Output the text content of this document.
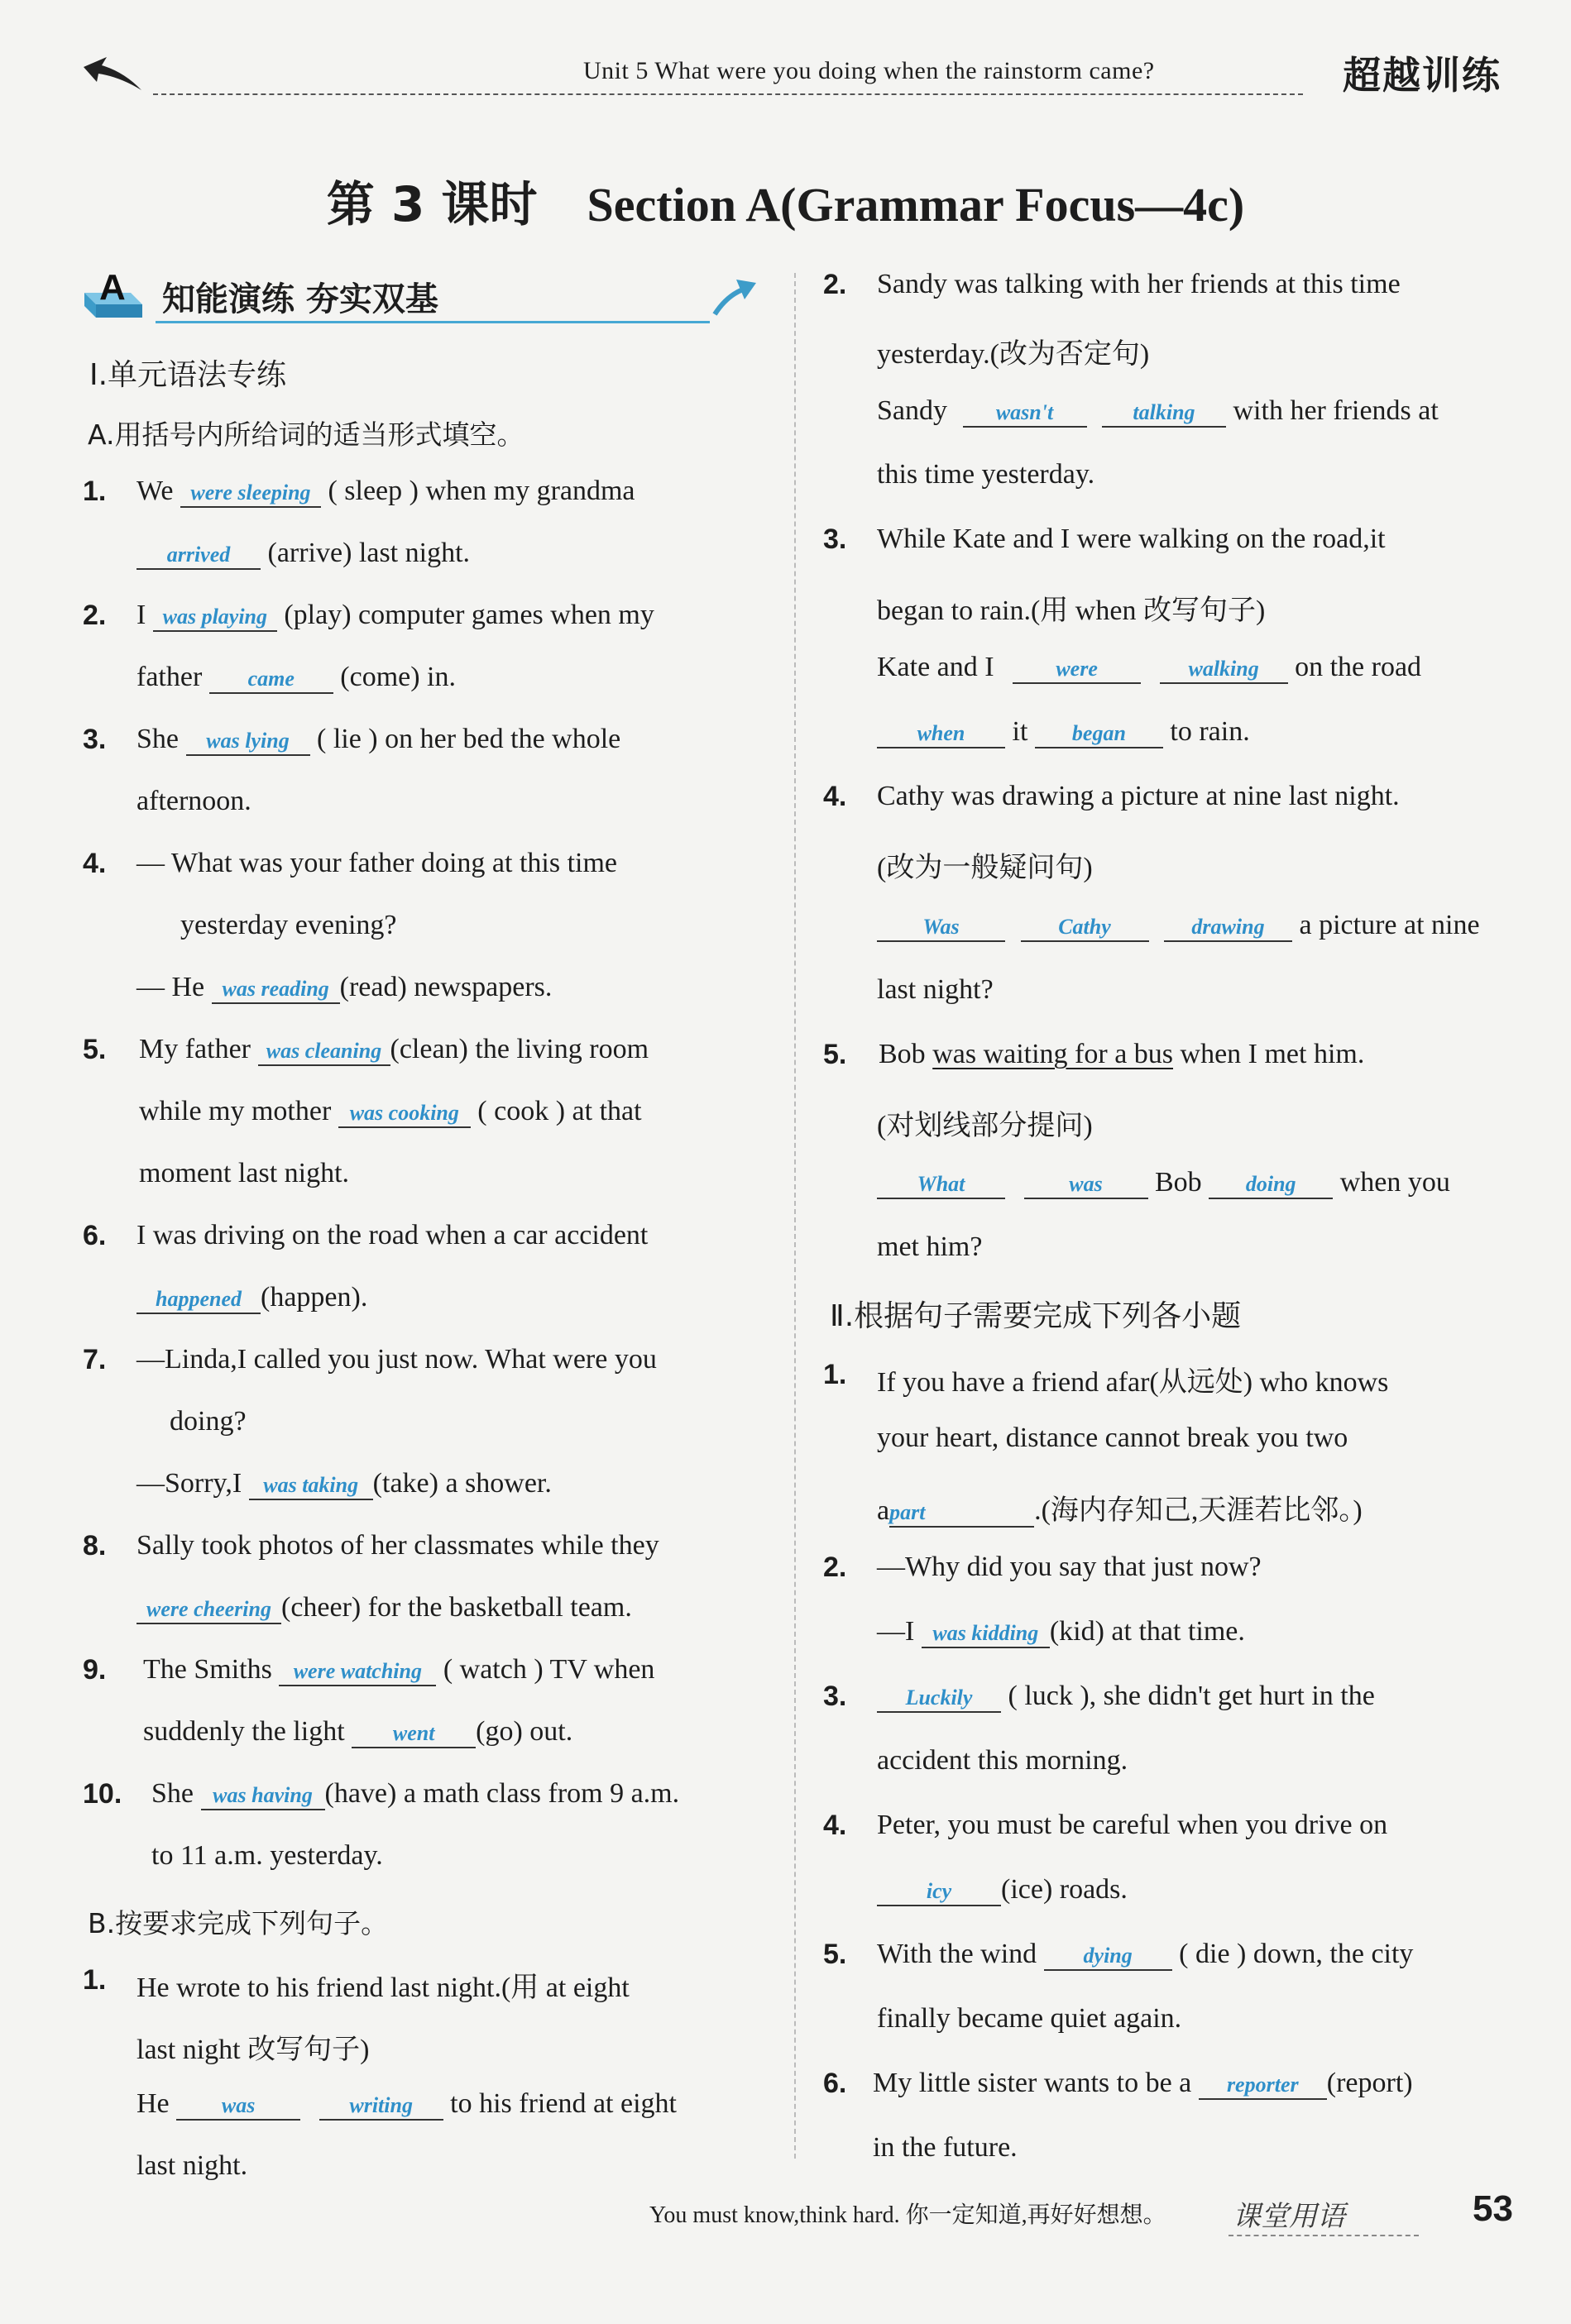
Unit 5 What were you doing when the rainstorm came?	超越训练
第 3 课时 Section A(Grammar Focus—4c)
A 知能演练 夯实双基
Ⅰ.单元语法专练
A.用括号内所给词的适当形式填空。
1. We were sleeping ( sleep ) when my grandma
arrived (arrive) last night.
2. I was playing (play) computer games when my
father came (come) in.
3. She was lying ( lie ) on her bed the whole
afternoon.
4. — What was your father doing at this time
yesterday evening?
— He was reading (read) newspapers.
5. My father was cleaning (clean) the living room
while my mother was cooking ( cook ) at that
moment last night.
6. I was driving on the road when a car accident
happened (happen).
7. —Linda,I called you just now. What were you
doing?
—Sorry,I was taking (take) a shower.
8. Sally took photos of her classmates while they
were cheering (cheer) for the basketball team.
9. The Smiths were watching ( watch ) TV when
suddenly the light went (go) out.
10. She was having (have) a math class from 9 a.m.
to 11 a.m. yesterday.
B.按要求完成下列句子。
1. He wrote to his friend last night.(用 at eight
last night 改写句子)
He was	writing to his friend at eight
last night.
2. Sandy was talking with her friends at this time
yesterday.(改为否定句)
Sandy wasn't	talking with her friends at
this time yesterday.
3. While Kate and I were walking on the road,it
began to rain.(用 when 改写句子)
Kate and I	were	walking on the road
when it began to rain.
4. Cathy was drawing a picture at nine last night.
(改为一般疑问句)
Was	Cathy	drawing a picture at nine
last night?
5. Bob was waiting for a bus when I met him.
(对划线部分提问)
What	was Bob doing when you
met him?
Ⅱ.根据句子需要完成下列各小题
1. If you have a friend afar(从远处) who knows
your heart, distance cannot break you two
apart	.(海内存知己,天涯若比邻。)
2. —Why did you say that just now?
—I was kidding (kid) at that time.
3.	Luckily ( luck ), she didn't get hurt in the
accident this morning.
4. Peter, you must be careful when you drive on
icy (ice) roads.
5. With the wind dying ( die ) down, the city
finally became quiet again.
6. My little sister wants to be a reporter (report)
in the future.
You must know,think hard. 你一定知道,再好好想想。 课堂用语	53
